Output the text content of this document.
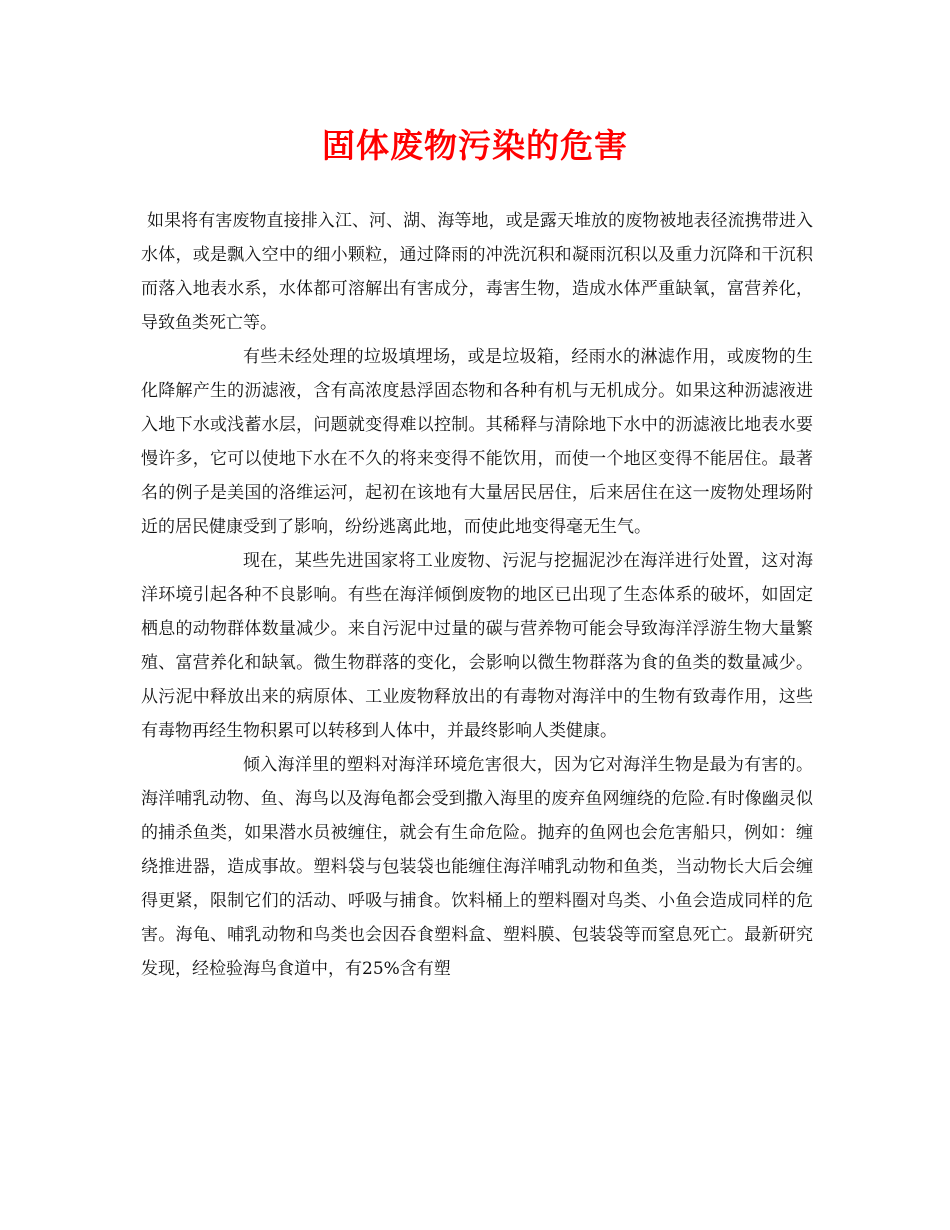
固体废物污染的危害

如果将有害废物直接排入江、河、湖、海等地，或是露天堆放的废物被地表径流携带进入水体，或是飘入空中的细小颗粒，通过降雨的冲洗沉积和凝雨沉积以及重力沉降和干沉积而落入地表水系，水体都可溶解出有害成分，毒害生物，造成水体严重缺氧，富营养化，导致鱼类死亡等。

有些未经处理的垃圾填埋场，或是垃圾箱，经雨水的淋滤作用，或废物的生化降解产生的沥滤液，含有高浓度悬浮固态物和各种有机与无机成分。如果这种沥滤液进入地下水或浅蓄水层，问题就变得难以控制。其稀释与清除地下水中的沥滤液比地表水要慢许多，它可以使地下水在不久的将来变得不能饮用，而使一个地区变得不能居住。最著名的例子是美国的洛维运河，起初在该地有大量居民居住，后来居住在这一废物处理场附近的居民健康受到了影响，纷纷逃离此地，而使此地变得毫无生气。

现在，某些先进国家将工业废物、污泥与挖掘泥沙在海洋进行处置，这对海洋环境引起各种不良影响。有些在海洋倾倒废物的地区已出现了生态体系的破坏，如固定栖息的动物群体数量减少。来自污泥中过量的碳与营养物可能会导致海洋浮游生物大量繁殖、富营养化和缺氧。微生物群落的变化，会影响以微生物群落为食的鱼类的数量减少。从污泥中释放出来的病原体、工业废物释放出的有毒物对海洋中的生物有致毒作用，这些有毒物再经生物积累可以转移到人体中，并最终影响人类健康。

倾入海洋里的塑料对海洋环境危害很大，因为它对海洋生物是最为有害的。海洋哺乳动物、鱼、海鸟以及海龟都会受到撒入海里的废弃鱼网缠绕的危险.有时像幽灵似的捕杀鱼类，如果潜水员被缠住，就会有生命危险。抛弃的鱼网也会危害船只，例如：缠绕推进器，造成事故。塑料袋与包装袋也能缠住海洋哺乳动物和鱼类，当动物长大后会缠得更紧，限制它们的活动、呼吸与捕食。饮料桶上的塑料圈对鸟类、小鱼会造成同样的危害。海龟、哺乳动物和鸟类也会因吞食塑料盒、塑料膜、包装袋等而窒息死亡。最新研究发现，经检验海鸟食道中，有25%含有塑
